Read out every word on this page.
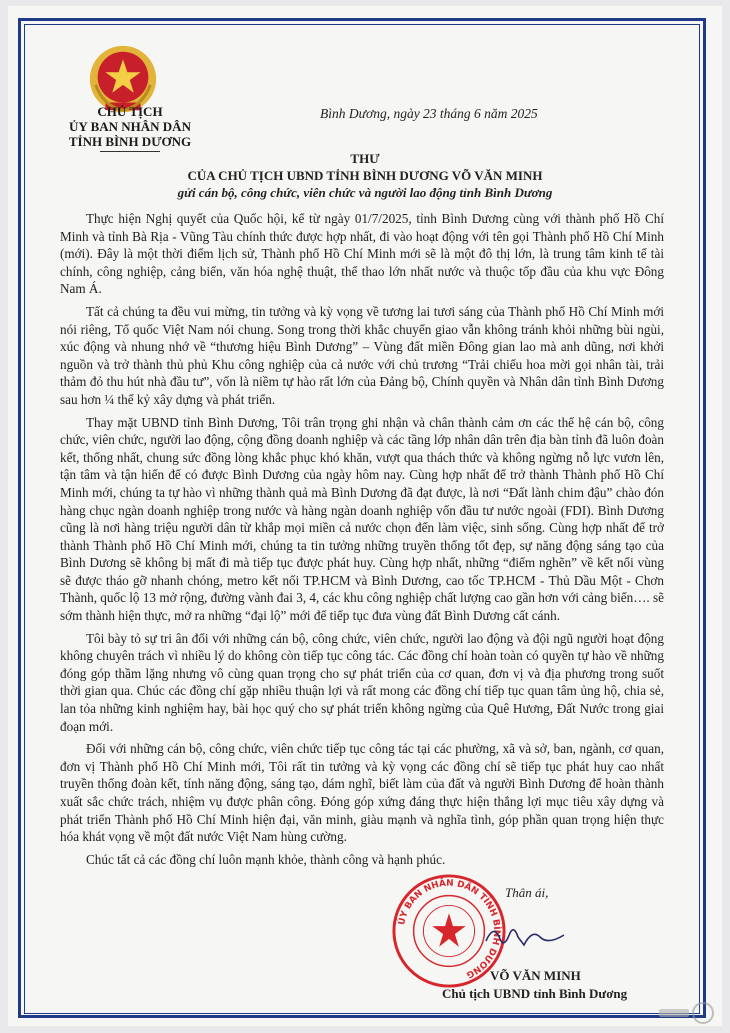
CHỦ TỊCH
ỦY BAN NHÂN DÂN
TỈNH BÌNH DƯƠNG
Bình Dương, ngày 23 tháng 6 năm 2025
THƯ
CỦA CHỦ TỊCH UBND TỈNH BÌNH DƯƠNG VÕ VĂN MINH
gửi cán bộ, công chức, viên chức và người lao động tỉnh Bình Dương

Thực hiện Nghị quyết của Quốc hội, kể từ ngày 01/7/2025, tỉnh Bình Dương cùng với thành phố Hồ Chí Minh và tỉnh Bà Rịa - Vũng Tàu chính thức được hợp nhất, đi vào hoạt động với tên gọi Thành phố Hồ Chí Minh (mới). Đây là một thời điểm lịch sử, Thành phố Hồ Chí Minh mới sẽ là một đô thị lớn, là trung tâm kinh tế tài chính, công nghiệp, cảng biển, văn hóa nghệ thuật, thể thao lớn nhất nước và thuộc tốp đầu của khu vực Đông Nam Á.

Tất cả chúng ta đều vui mừng, tin tưởng và kỳ vọng về tương lai tươi sáng của Thành phố Hồ Chí Minh mới nói riêng, Tổ quốc Việt Nam nói chung. Song trong thời khắc chuyển giao vẫn không tránh khỏi những bùi ngùi, xúc động và nhung nhớ về “thương hiệu Bình Dương” – Vùng đất miền Đông gian lao mà anh dũng, nơi khởi nguồn và trở thành thủ phủ Khu công nghiệp của cả nước với chủ trương “Trải chiếu hoa mời gọi nhân tài, trải thảm đỏ thu hút nhà đầu tư”, vốn là niềm tự hào rất lớn của Đảng bộ, Chính quyền và Nhân dân tỉnh Bình Dương sau hơn ¼ thế kỷ xây dựng và phát triển.

Thay mặt UBND tỉnh Bình Dương, Tôi trân trọng ghi nhận và chân thành cảm ơn các thế hệ cán bộ, công chức, viên chức, người lao động, cộng đồng doanh nghiệp và các tầng lớp nhân dân trên địa bàn tỉnh đã luôn đoàn kết, thống nhất, chung sức đồng lòng khắc phục khó khăn, vượt qua thách thức và không ngừng nỗ lực vươn lên, tận tâm và tận hiến để có được Bình Dương của ngày hôm nay. Cùng hợp nhất để trở thành Thành phố Hồ Chí Minh mới, chúng ta tự hào vì những thành quả mà Bình Dương đã đạt được, là nơi “Đất lành chim đậu” chào đón hàng chục ngàn doanh nghiệp trong nước và hàng ngàn doanh nghiệp vốn đầu tư nước ngoài (FDI). Bình Dương cũng là nơi hàng triệu người dân từ khắp mọi miền cả nước chọn đến làm việc, sinh sống. Cùng hợp nhất để trở thành Thành phố Hồ Chí Minh mới, chúng ta tin tưởng những truyền thống tốt đẹp, sự năng động sáng tạo của Bình Dương sẽ không bị mất đi mà tiếp tục được phát huy. Cùng hợp nhất, những “điểm nghẽn” về kết nối vùng sẽ được tháo gỡ nhanh chóng, metro kết nối TP.HCM và Bình Dương, cao tốc TP.HCM - Thủ Dầu Một - Chơn Thành, quốc lộ 13 mở rộng, đường vành đai 3, 4, các khu công nghiệp chất lượng cao gần hơn với cảng biển…. sẽ sớm thành hiện thực, mở ra những “đại lộ” mới để tiếp tục đưa vùng đất Bình Dương cất cánh.

Tôi bày tỏ sự tri ân đối với những cán bộ, công chức, viên chức, người lao động và đội ngũ người hoạt động không chuyên trách vì nhiều lý do không còn tiếp tục công tác. Các đồng chí hoàn toàn có quyền tự hào về những đóng góp thầm lặng nhưng vô cùng quan trọng cho sự phát triển của cơ quan, đơn vị và địa phương trong suốt thời gian qua. Chúc các đồng chí gặp nhiều thuận lợi và rất mong các đồng chí tiếp tục quan tâm ủng hộ, chia sẻ, lan tỏa những kinh nghiệm hay, bài học quý cho sự phát triển không ngừng của Quê Hương, Đất Nước trong giai đoạn mới.

Đối với những cán bộ, công chức, viên chức tiếp tục công tác tại các phường, xã và sở, ban, ngành, cơ quan, đơn vị Thành phố Hồ Chí Minh mới, Tôi rất tin tưởng và kỳ vọng các đồng chí sẽ tiếp tục phát huy cao nhất truyền thống đoàn kết, tính năng động, sáng tạo, dám nghĩ, biết làm của đất và người Bình Dương để hoàn thành xuất sắc chức trách, nhiệm vụ được phân công. Đóng góp xứng đáng thực hiện thắng lợi mục tiêu xây dựng và phát triển Thành phố Hồ Chí Minh hiện đại, văn minh, giàu mạnh và nghĩa tình, góp phần quan trọng hiện thực hóa khát vọng về một đất nước Việt Nam hùng cường.

Chúc tất cả các đồng chí luôn mạnh khỏe, thành công và hạnh phúc.

Thân ái,
ỦY BAN NHÂN DÂN TỈNH BÌNH DƯƠNG	VÕ VĂN MINH
Chủ tịch UBND tỉnh Bình Dương
